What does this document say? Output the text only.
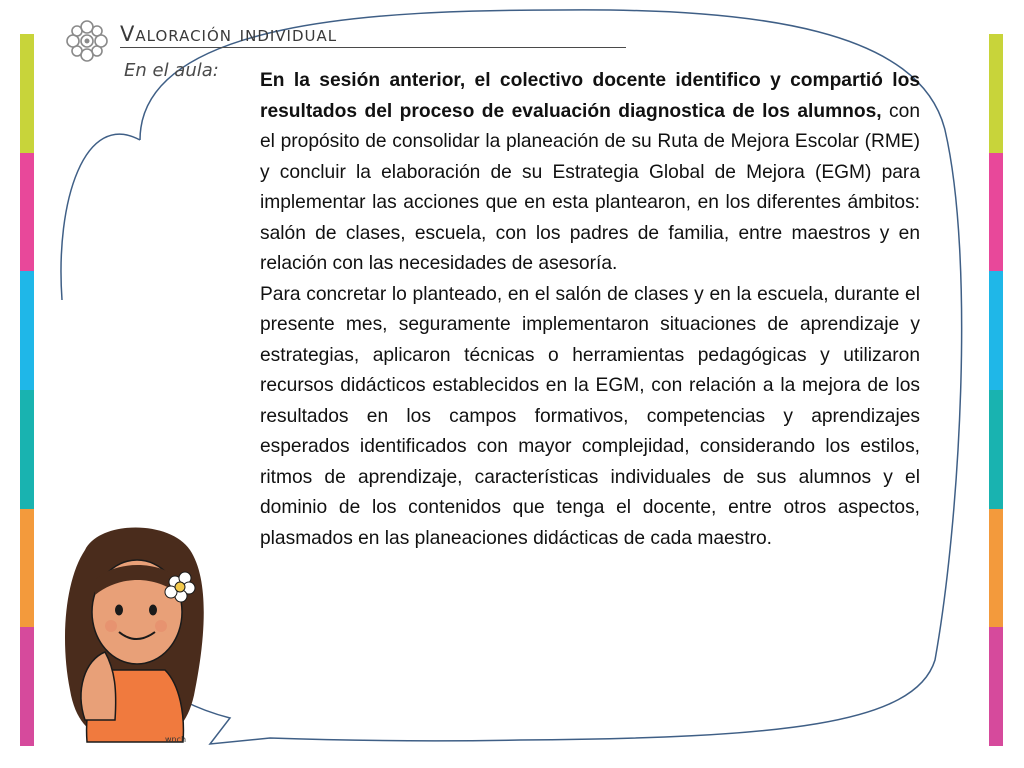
Valoración individual
En el aula: En la sesión anterior, el colectivo docente identifico y compartió los resultados del proceso de evaluación diagnostica de los alumnos, con el propósito de consolidar la planeación de su Ruta de Mejora Escolar (RME) y concluir la elaboración de su Estrategia Global de Mejora (EGM) para implementar las acciones que en esta plantearon, en los diferentes ámbitos: salón de clases, escuela, con los padres de familia, entre maestros y en relación con las necesidades de asesoría.

Para concretar lo planteado, en el salón de clases y en la escuela, durante el presente mes, seguramente implementaron situaciones de aprendizaje y estrategias, aplicaron técnicas o herramientas pedagógicas y utilizaron recursos didácticos establecidos en la EGM, con relación a la mejora de los resultados en los campos formativos, competencias y aprendizajes esperados identificados con mayor complejidad, considerando los estilos, ritmos de aprendizaje, características individuales de sus alumnos y el dominio de los contenidos que tenga el docente, entre otros aspectos, plasmados en las planeaciones didácticas de cada maestro.

wnch
